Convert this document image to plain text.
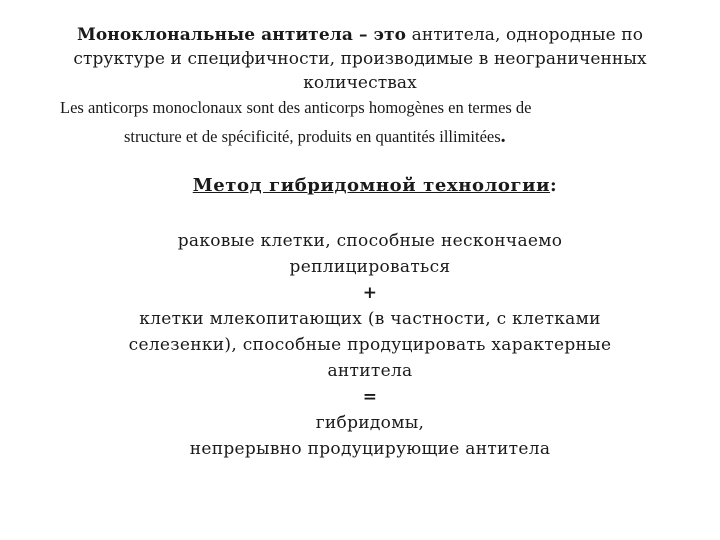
Моноклональные антитела – это антитела, однородные по структуре и специфичности, производимые в неограниченных количествах
Les anticorps monoclonaux sont des anticorps homogènes en termes de
structure et de spécificité, produits en quantités illimitées.
Метод гибридомной технологии:
раковые клетки, способные нескончаемо
реплицироваться
+
клетки млекопитающих (в частности, с клетками
селезенки), способные продуцировать характерные
антитела
=
гибридомы,
непрерывно продуцирующие антитела
